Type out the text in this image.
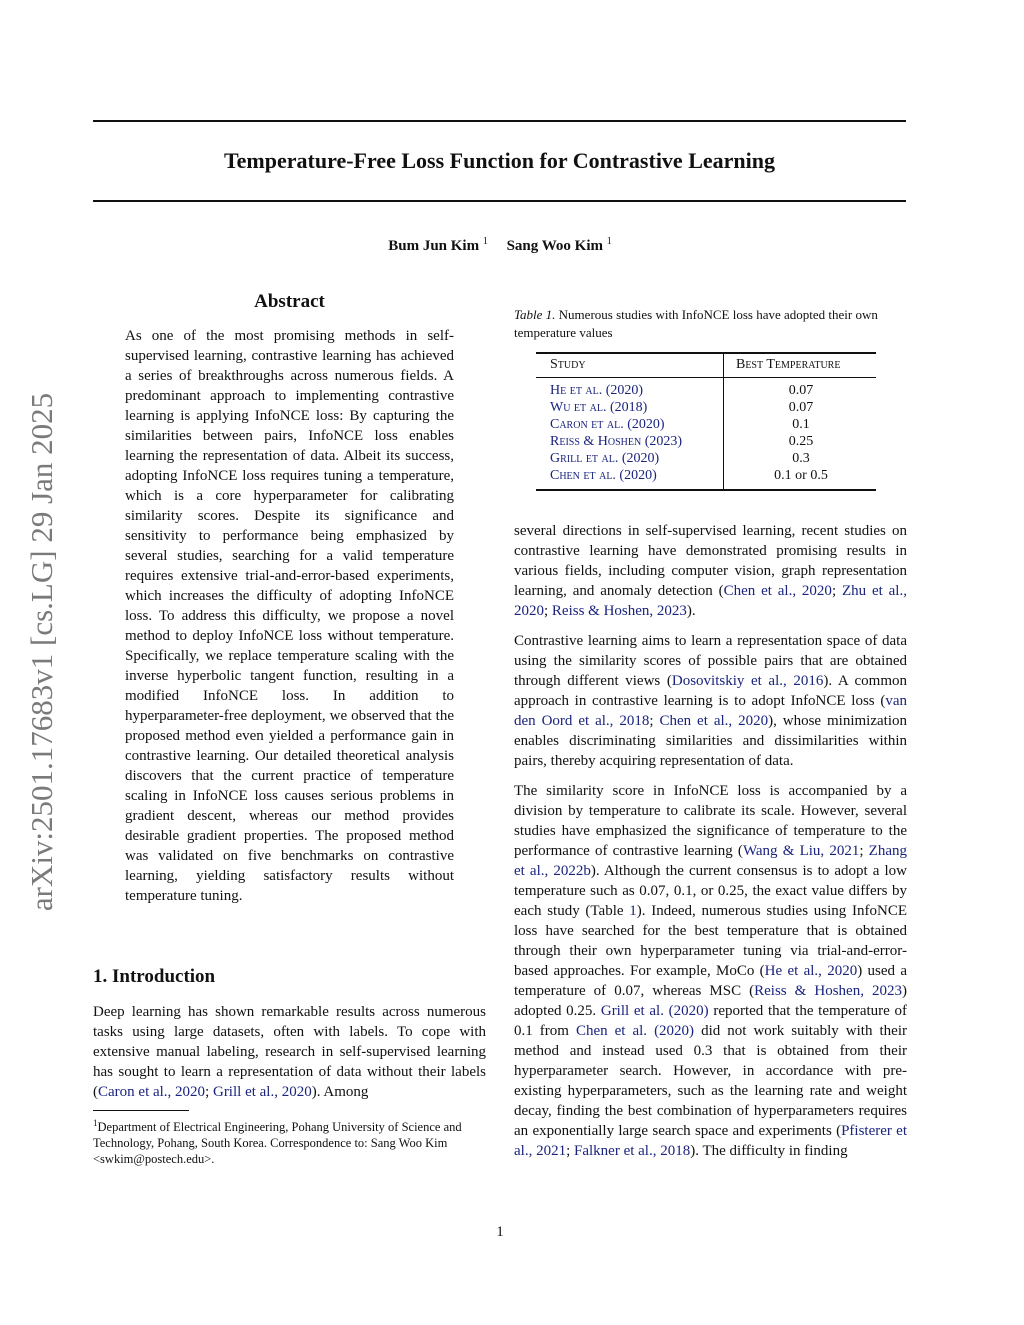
Temperature-Free Loss Function for Contrastive Learning
Bum Jun Kim $^1$ Sang Woo Kim $^1$
arXiv:2501.17683v1 [cs.LG] 29 Jan 2025
Abstract
As one of the most promising methods in self-supervised learning, contrastive learning has achieved a series of breakthroughs across numerous fields. A predominant approach to implementing contrastive learning is applying InfoNCE loss: By capturing the similarities between pairs, InfoNCE loss enables learning the representation of data. Albeit its success, adopting InfoNCE loss requires tuning a temperature, which is a core hyperparameter for calibrating similarity scores. Despite its significance and sensitivity to performance being emphasized by several studies, searching for a valid temperature requires extensive trial-and-error-based experiments, which increases the difficulty of adopting InfoNCE loss. To address this difficulty, we propose a novel method to deploy InfoNCE loss without temperature. Specifically, we replace temperature scaling with the inverse hyperbolic tangent function, resulting in a modified InfoNCE loss. In addition to hyperparameter-free deployment, we observed that the proposed method even yielded a performance gain in contrastive learning. Our detailed theoretical analysis discovers that the current practice of temperature scaling in InfoNCE loss causes serious problems in gradient descent, whereas our method provides desirable gradient properties. The proposed method was validated on five benchmarks on contrastive learning, yielding satisfactory results without temperature tuning.
1. Introduction
Deep learning has shown remarkable results across numerous tasks using large datasets, often with labels. To cope with extensive manual labeling, research in self-supervised learning has sought to learn a representation of data without their labels (Caron et al., 2020; Grill et al., 2020). Among
$^1$Department of Electrical Engineering, Pohang University of Science and Technology, Pohang, South Korea. Correspondence to: Sang Woo Kim <swkim@postech.edu>.
Table 1. Numerous studies with InfoNCE loss have adopted their own temperature values
Study	Best Temperature
He et al. (2020)	0.07
Wu et al. (2018)	0.07
Caron et al. (2020)	0.1
Reiss & Hoshen (2023)	0.25
Grill et al. (2020)	0.3
Chen et al. (2020)	0.1 or 0.5

several directions in self-supervised learning, recent studies on contrastive learning have demonstrated promising results in various fields, including computer vision, graph representation learning, and anomaly detection (Chen et al., 2020; Zhu et al., 2020; Reiss & Hoshen, 2023).

Contrastive learning aims to learn a representation space of data using the similarity scores of possible pairs that are obtained through different views (Dosovitskiy et al., 2016). A common approach in contrastive learning is to adopt InfoNCE loss (van den Oord et al., 2018; Chen et al., 2020), whose minimization enables discriminating similarities and dissimilarities within pairs, thereby acquiring representation of data.

The similarity score in InfoNCE loss is accompanied by a division by temperature to calibrate its scale. However, several studies have emphasized the significance of temperature to the performance of contrastive learning (Wang & Liu, 2021; Zhang et al., 2022b). Although the current consensus is to adopt a low temperature such as 0.07, 0.1, or 0.25, the exact value differs by each study (Table 1). Indeed, numerous studies using InfoNCE loss have searched for the best temperature that is obtained through their own hyperparameter tuning via trial-and-error-based approaches. For example, MoCo (He et al., 2020) used a temperature of 0.07, whereas MSC (Reiss & Hoshen, 2023) adopted 0.25. Grill et al. (2020) reported that the temperature of 0.1 from Chen et al. (2020) did not work suitably with their method and instead used 0.3 that is obtained from their hyperparameter search. However, in accordance with pre-existing hyperparameters, such as the learning rate and weight decay, finding the best combination of hyperparameters requires an exponentially large search space and experiments (Pfisterer et al., 2021; Falkner et al., 2018). The difficulty in finding

1
